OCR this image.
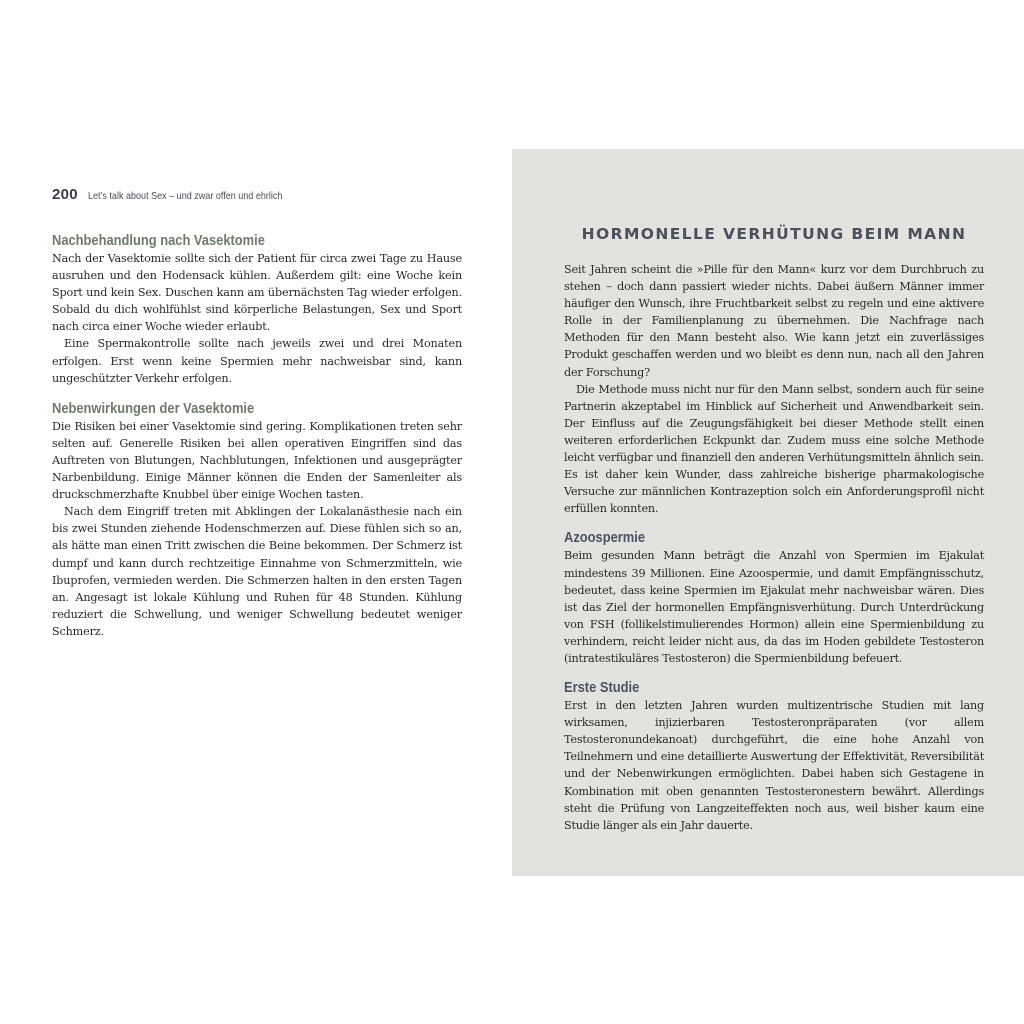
200 Let’s talk about Sex – und zwar offen und ehrlich
Nachbehandlung nach Vasektomie

Nach der Vasektomie sollte sich der Patient für circa zwei Tage zu Hause ausruhen und den Hodensack kühlen. Außerdem gilt: eine Woche kein Sport und kein Sex. Duschen kann am übernächsten Tag wieder erfolgen. Sobald du dich wohlfühlst sind körperliche Belastungen, Sex und Sport nach circa einer Woche wieder erlaubt.

Eine Spermakontrolle sollte nach jeweils zwei und drei Monaten erfolgen. Erst wenn keine Spermien mehr nachweisbar sind, kann ungeschützter Verkehr erfolgen.

Nebenwirkungen der Vasektomie

Die Risiken bei einer Vasektomie sind gering. Komplikationen treten sehr selten auf. Generelle Risiken bei allen operativen Eingriffen sind das Auftreten von Blutungen, Nachblutungen, Infektionen und ausgeprägter Narbenbildung. Einige Männer können die Enden der Samenleiter als druckschmerzhafte Knubbel über einige Wochen tasten.

Nach dem Eingriff treten mit Abklingen der Lokalanästhesie nach ein bis zwei Stunden ziehende Hodenschmerzen auf. Diese fühlen sich so an, als hätte man einen Tritt zwischen die Beine bekommen. Der Schmerz ist dumpf und kann durch rechtzeitige Einnahme von Schmerzmitteln, wie Ibuprofen, vermieden werden. Die Schmerzen halten in den ersten Tagen an. Angesagt ist lokale Kühlung und Ruhen für 48 Stunden. Kühlung reduziert die Schwellung, und weniger Schwellung bedeutet weniger Schmerz.

HORMONELLE VERHÜTUNG BEIM MANN

Seit Jahren scheint die »Pille für den Mann« kurz vor dem Durchbruch zu stehen – doch dann passiert wieder nichts. Dabei äußern Männer immer häufiger den Wunsch, ihre Fruchtbarkeit selbst zu regeln und eine aktivere Rolle in der Familienplanung zu übernehmen. Die Nachfrage nach Methoden für den Mann besteht also. Wie kann jetzt ein zuverlässiges Produkt geschaffen werden und wo bleibt es denn nun, nach all den Jahren der Forschung?

Die Methode muss nicht nur für den Mann selbst, sondern auch für seine Partnerin akzeptabel im Hinblick auf Sicherheit und Anwendbarkeit sein. Der Einfluss auf die Zeugungsfähigkeit bei dieser Methode stellt einen weiteren erforderlichen Eckpunkt dar. Zudem muss eine solche Methode leicht verfügbar und finanziell den anderen Verhütungsmitteln ähnlich sein. Es ist daher kein Wunder, dass zahlreiche bisherige pharmakologische Versuche zur männlichen Kontrazeption solch ein Anforderungsprofil nicht erfüllen konnten.

Azoospermie

Beim gesunden Mann beträgt die Anzahl von Spermien im Ejakulat mindestens 39 Millionen. Eine Azoospermie, und damit Empfängnisschutz, bedeutet, dass keine Spermien im Ejakulat mehr nachweisbar wären. Dies ist das Ziel der hormonellen Empfängnisverhütung. Durch Unterdrückung von FSH (follikelstimulierendes Hormon) allein eine Spermienbildung zu verhindern, reicht leider nicht aus, da das im Hoden gebildete Testosteron (intratestikuläres Testosteron) die Spermienbildung befeuert.

Erste Studie

Erst in den letzten Jahren wurden multizentrische Studien mit lang wirksamen, injizierbaren Testosteronpräparaten (vor allem Testosteronundekanoat) durchgeführt, die eine hohe Anzahl von Teilnehmern und eine detaillierte Auswertung der Effektivität, Reversibilität und der Nebenwirkungen ermöglichten. Dabei haben sich Gestagene in Kombination mit oben genannten Testosteronestern bewährt. Allerdings steht die Prüfung von Langzeiteffekten noch aus, weil bisher kaum eine Studie länger als ein Jahr dauerte.
